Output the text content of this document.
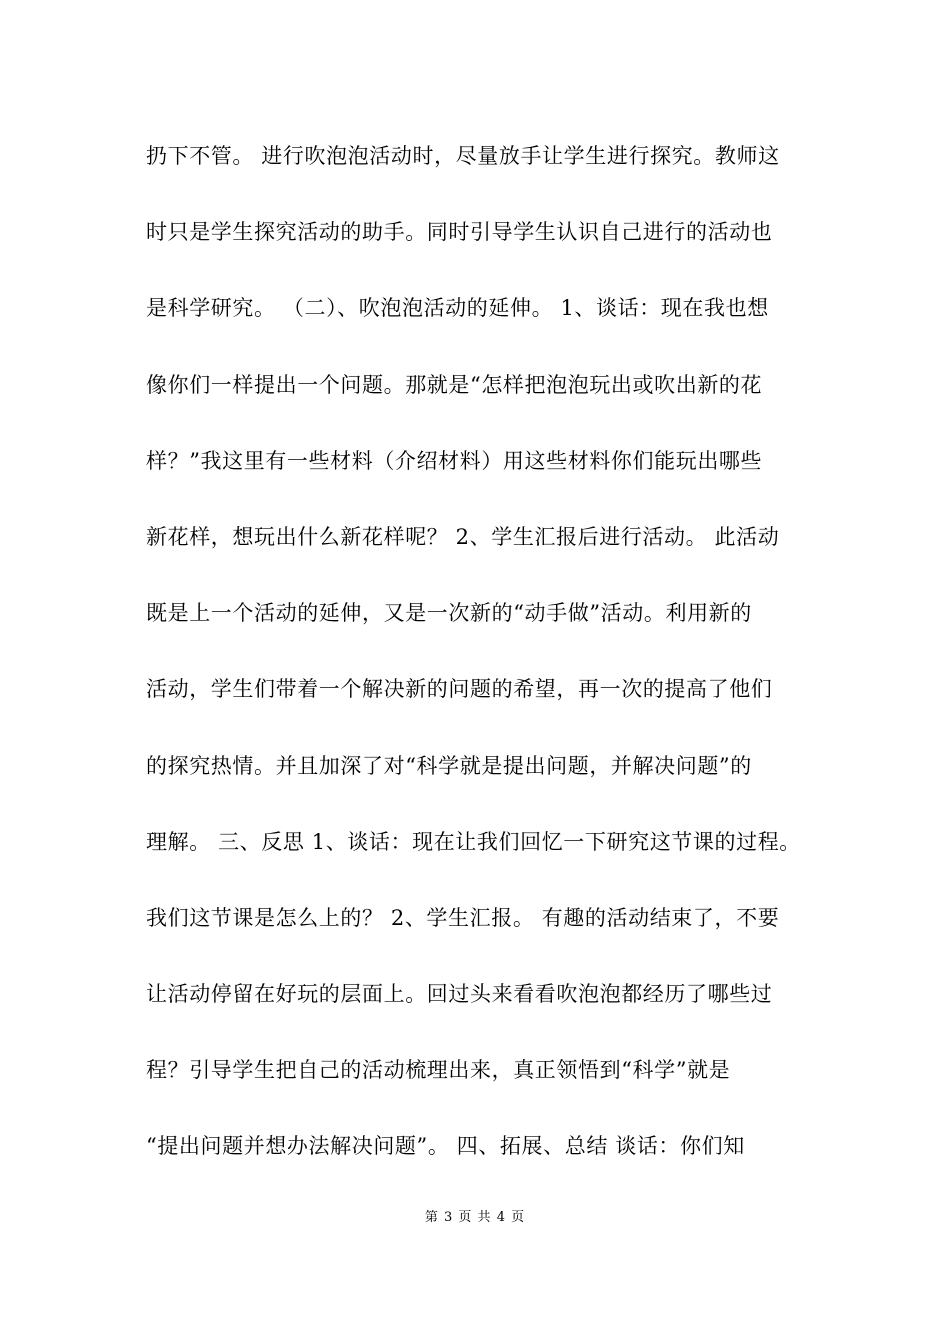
扔下不管。 进行吹泡泡活动时，尽量放手让学生进行探究。教师这
时只是学生探究活动的助手。同时引导学生认识自己进行的活动也
是科学研究。 （二）、吹泡泡活动的延伸。 1、谈话：现在我也想
像你们一样提出一个问题。那就是“怎样把泡泡玩出或吹出新的花
样？”我这里有一些材料（介绍材料）用这些材料你们能玩出哪些
新花样，想玩出什么新花样呢？ 2、学生汇报后进行活动。 此活动
既是上一个活动的延伸，又是一次新的“动手做”活动。利用新的
活动，学生们带着一个解决新的问题的希望，再一次的提高了他们
的探究热情。并且加深了对“科学就是提出问题，并解决问题”的
理解。 三、反思 1、谈话：现在让我们回忆一下研究这节课的过程。
我们这节课是怎么上的？ 2、学生汇报。 有趣的活动结束了，不要
让活动停留在好玩的层面上。回过头来看看吹泡泡都经历了哪些过
程？引导学生把自己的活动梳理出来，真正领悟到“科学”就是
“提出问题并想办法解决问题”。 四、拓展、总结 谈话：你们知
第 3 页 共 4 页
